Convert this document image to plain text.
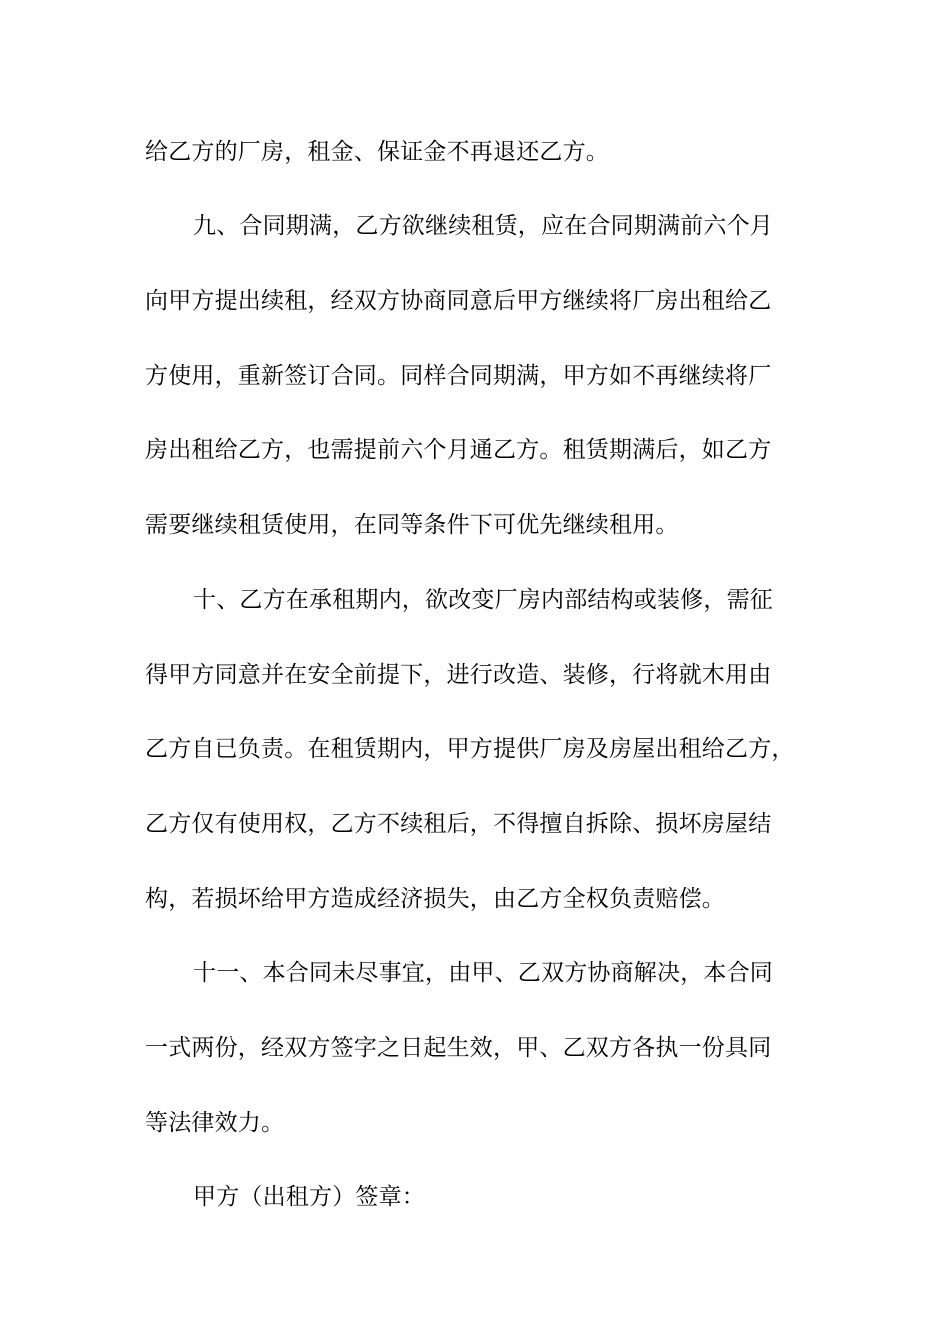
给乙方的厂房，租金、保证金不再退还乙方。
九、合同期满，乙方欲继续租赁，应在合同期满前六个月
向甲方提出续租，经双方协商同意后甲方继续将厂房出租给乙
方使用，重新签订合同。同样合同期满，甲方如不再继续将厂
房出租给乙方，也需提前六个月通乙方。租赁期满后，如乙方
需要继续租赁使用，在同等条件下可优先继续租用。
十、乙方在承租期内，欲改变厂房内部结构或装修，需征
得甲方同意并在安全前提下，进行改造、装修，行将就木用由
乙方自已负责。在租赁期内，甲方提供厂房及房屋出租给乙方，
乙方仅有使用权，乙方不续租后，不得擅自拆除、损坏房屋结
构，若损坏给甲方造成经济损失，由乙方全权负责赔偿。
十一、本合同未尽事宜，由甲、乙双方协商解决，本合同
一式两份，经双方签字之日起生效，甲、乙双方各执一份具同
等法律效力。
甲方（出租方）签章：
